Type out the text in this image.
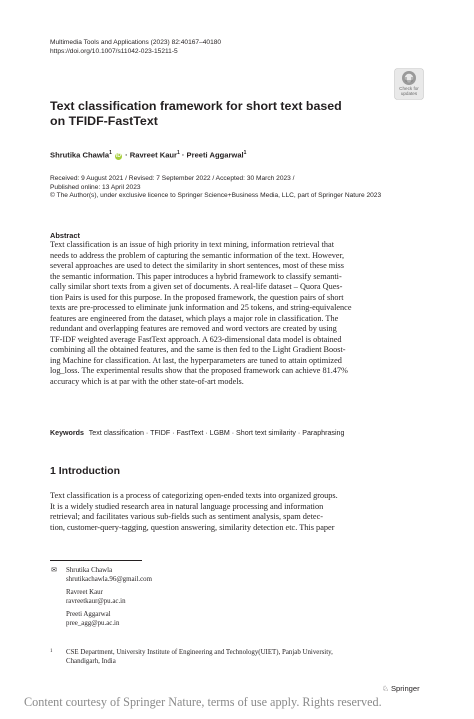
Multimedia Tools and Applications (2023) 82:40167–40180
https://doi.org/10.1007/s11042-023-15211-5
Check for
updates
Text classification framework for short text based
on TFIDF-FastText
Shrutika Chawla$^1$ iD · Ravreet Kaur$^1$ · Preeti Aggarwal$^1$
Received: 9 August 2021 / Revised: 7 September 2022 / Accepted: 30 March 2023 /
Published online: 13 April 2023
© The Author(s), under exclusive licence to Springer Science+Business Media, LLC, part of Springer Nature 2023
Abstract
Text classification is an issue of high priority in text mining, information retrieval that
needs to address the problem of capturing the semantic information of the text. However,
several approaches are used to detect the similarity in short sentences, most of these miss
the semantic information. This paper introduces a hybrid framework to classify semanti-
cally similar short texts from a given set of documents. A real-life dataset – Quora Ques-
tion Pairs is used for this purpose. In the proposed framework, the question pairs of short
texts are pre-processed to eliminate junk information and 25 tokens, and string-equivalence
features are engineered from the dataset, which plays a major role in classification. The
redundant and overlapping features are removed and word vectors are created by using
TF-IDF weighted average FastText approach. A 623-dimensional data model is obtained
combining all the obtained features, and the same is then fed to the Light Gradient Boost-
ing Machine for classification. At last, the hyperparameters are tuned to attain optimized
log_loss. The experimental results show that the proposed framework can achieve 81.47%
accuracy which is at par with the other state-of-art models.
Keywords Text classification · TFIDF · FastText · LGBM · Short text similarity · Paraphrasing
1 Introduction
Text classification is a process of categorizing open-ended texts into organized groups.
It is a widely studied research area in natural language processing and information
retrieval; and facilitates various sub-fields such as sentiment analysis, spam detec-
tion, customer-query-tagging, question answering, similarity detection etc. This paper
✉ Shrutika Chawla
shrutikachawla.96@gmail.com
Ravreet Kaur
ravreetkaur@pu.ac.in
Preeti Aggarwal
pree_agg@pu.ac.in
1 CSE Department, University Institute of Engineering and Technology(UIET), Panjab University,
Chandigarh, India
♘ Springer
Content courtesy of Springer Nature, terms of use apply. Rights reserved.
